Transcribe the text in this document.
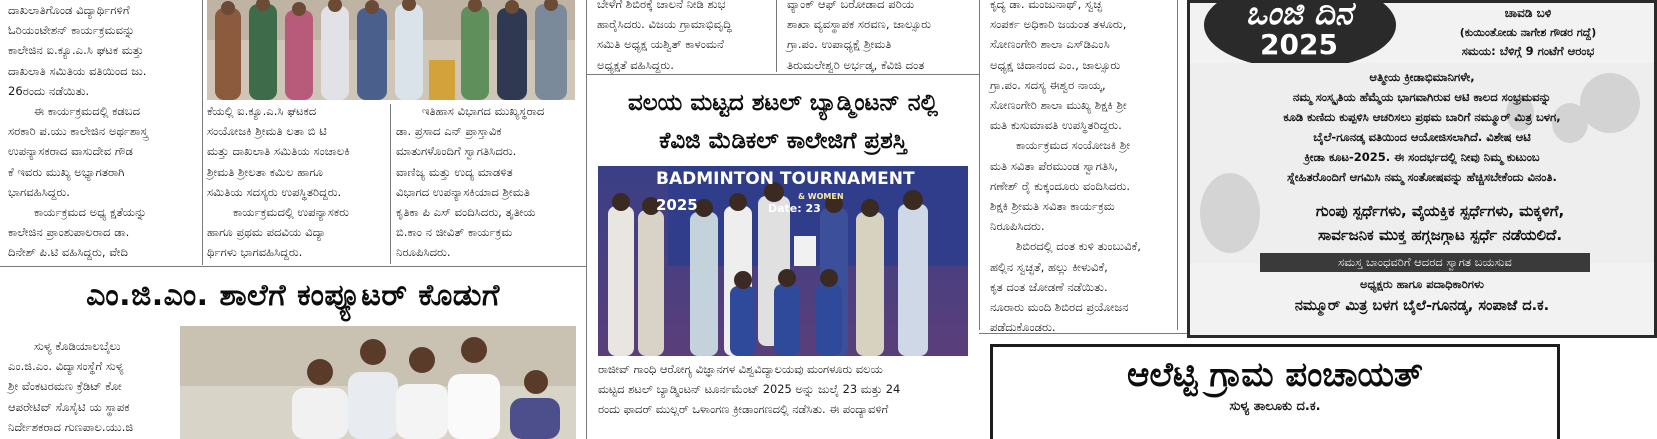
ದಾಖಲಾತಿಗೊಂಡ ವಿದ್ಯಾರ್ಥಿಗಳಿಗೆ

ಓರಿಯಂಟೇಶನ್ ಕಾರ್ಯಕ್ರಮವನ್ನು

ಕಾಲೇಜಿನ ಐ.ಕ್ಯೂ.ಎ.ಸಿ ಘಟಕ ಮತ್ತು

ದಾಖಲಾತಿ ಸಮಿತಿಯ ವತಿಯಿಂದ ಜು.

26ರಂದು ನಡೆಯಿತು.

ಈ ಕಾರ್ಯಕ್ರಮದಲ್ಲಿ ಕಡಬದ

ಸರಕಾರಿ ಪ.ಯು ಕಾಲೇಜಿನ ಅರ್ಥಶಾಸ್ತ್ರ

ಉಪನ್ಯಾಸಕರಾದ ವಾಸುದೇವ ಗೌಡ

ಕೆ ಇವರು ಮುಖ್ಯ ಅಭ್ಯಾಗತರಾಗಿ

ಭಾಗವಹಿಸಿದ್ದರು.

ಕಾರ್ಯಕ್ರಮದ ಅಧ್ಯ ಕ್ಷತೆಯನ್ನು

ಕಾಲೇಜಿನ ಪ್ರಾಂಶುಪಾಲರಾದ ಡಾ.

ದಿನೇಶ್ ಪಿ.ಟಿ ವಹಿಸಿದ್ದರು, ವೇದಿ

ಕೆಯಲ್ಲಿ ಐ.ಕ್ಯೂ.ಎ.ಸಿ ಘಟಕದ

ಸಂಯೋಜಕಿ ಶ್ರೀಮತಿ ಲತಾ ಬಿ ಟಿ

ಮತ್ತು ದಾಖಲಾತಿ ಸಮಿತಿಯ ಸಂಚಾಲಕಿ

ಶ್ರೀಮತಿ ಶ್ರೀಲತಾ ಕಮಿಲ ಹಾಗೂ

ಸಮಿತಿಯ ಸದಸ್ಯರು ಉಪಸ್ಥಿತರಿದ್ದರು.

ಕಾರ್ಯಕ್ರಮದಲ್ಲಿ ಉಪನ್ಯಾಸಕರು

ಹಾಗೂ ಪ್ರಥಮ ಪದವಿಯ ವಿದ್ಯಾ

ರ್ಥಿಗಳು ಭಾಗವಹಿಸಿದ್ದರು.

ಇತಿಹಾಸ ವಿಭಾಗದ ಮುಖ್ಯಸ್ಥರಾದ

ಡಾ. ಪ್ರಸಾದ ಎನ್ ಪ್ರಾಸ್ತಾವಿಕ

ಮಾತುಗಳೊಂದಿಗೆ ಸ್ವಾಗತಿಸಿದರು.

ವಾಣಿಜ್ಯ ಮತ್ತು ಉದ್ಯ ಮಾಡಳಿತ

ವಿಭಾಗದ ಉಪನ್ಯಾಸಕಿಯಾದ ಶ್ರೀಮತಿ

ಕೃತಿಕಾ ಪಿ ಎಸ್ ವಂದಿಸಿದರು, ತೃತೀಯ

ಬಿ.ಕಾಂ ನ ಜೀವಿತ್ ಕಾರ್ಯಕ್ರಮ

ನಿರೂಪಿಸಿದರು.

ಎಂ.ಜಿ.ಎಂ. ಶಾಲೆಗೆ ಕಂಪ್ಯೂಟರ್ ಕೊಡುಗೆ

ಸುಳ್ಯ ಕೊಡಿಯಾಲಬೈಲು

ಎಂ.ಜಿ.ಎಂ. ವಿದ್ಯಾಸಂಸ್ಥೆಗೆ ಸುಳ್ಯ

ಶ್ರೀ ವೆಂಕಟರಮಣ ಕ್ರೆಡಿಟ್ ಕೋ

ಆಪರೇಟಿವ್ ಸೊಸೈಟಿ ಯ ಸ್ಥಾಪಕ

ನಿರ್ದೇಶಕರಾದ ಗುಣಪಾಲ.ಯು.ಜಿ

ಬೇಳೆಗೆ ಶಿಬಿರಕ್ಕೆ ಚಾಲನೆ ನೀಡಿ ಶುಭ

ಹಾರೈಸಿದರು. ವಿಜಯ ಗ್ರಾಮಾಭಿವೃದ್ಧಿ

ಸಮಿತಿ ಅಧ್ಯಕ್ಷ ಯಶ್ವಿತ್ ಕಾಳಂಮನೆ

ಅಧ್ಯಕ್ಷತೆ ವಹಿಸಿದ್ದರು.

ವ್ಯಾಂಕ್ ಆಫ್ ಬರೋಡಾದ ಪರಿಯ

ಶಾಖಾ ವ್ಯವಸ್ಥಾಪಕ ಸರವಣ, ಜಾಲ್ಸೂರು

ಗ್ರಾ.ಪಂ. ಉಪಾಧ್ಯಕ್ಷೆ ಶ್ರೀಮತಿ

ತಿರುಮಲೇಶ್ವರಿ ಅರ್ಭಡ್ಕ, ಕೆವಿಜಿ ದಂತ

ವಲಯ ಮಟ್ಟದ ಶಟಲ್ ಬ್ಯಾಡ್ಮಿಂಟನ್ ನಲ್ಲಿ
ಕೆವಿಜಿ ಮೆಡಿಕಲ್ ಕಾಲೇಜಿಗೆ ಪ್ರಶಸ್ತಿ
BADMINTON TOURNAMENT 2025	& WOMEN
Date: 23

ರಾಜೀವ್ ಗಾಂಧಿ ಆರೋಗ್ಯ ವಿಜ್ಞಾನಗಳ ವಿಶ್ವವಿದ್ಯಾಲಯವು ಮಂಗಳೂರು ವಲಯ

ಮಟ್ಟದ ಶಟಲ್ ಬ್ಯಾಡ್ಮಿಂಟನ್ ಟೂರ್ನಮೆಂಟ್ 2025 ಅನ್ನು ಜುಲೈ 23 ಮತ್ತು 24

ರಂದು ಫಾದರ್ ಮುಲ್ಲರ್ ಒಳಾಂಗಣ ಕ್ರೀಡಾಂಗಣದಲ್ಲಿ ನಡೆಸಿತು. ಈ ಪಂದ್ಯಾವಳಿಗೆ

ಕೃದ್ಯ ಡಾ. ಮಂಜುನಾಥ್, ಸ್ವಚ್ಛ

ಸಂಪರ್ಕ ಅಧಿಕಾರಿ ಜಯಂತ ತಳೂರು,

ಸೋಣಂಗೇರಿ ಶಾಲಾ ಎಸ್‌ಡಿಎಂಸಿ

ಅಧ್ಯಕ್ಷ ಚಿದಾನಂದ ಎಂ., ಜಾಲ್ಸೂರು

ಗ್ರಾ.ಪಂ. ಸದಸ್ಯ ಈಶ್ವರ ನಾಯ್ಕ,

ಸೋಣಂಗೇರಿ ಶಾಲಾ ಮುಖ್ಯ ಶಿಕ್ಷಕಿ ಶ್ರೀ

ಮತಿ ಕುಸುಮಾವತಿ ಉಪಸ್ಥಿತರಿದ್ದರು.

ಕಾರ್ಯಕ್ರಮದ ಸಂಯೋಜಕಿ ಶ್ರೀ

ಮತಿ ಸವಿತಾ ಪೆರಮುಂಡ ಸ್ವಾಗತಿಸಿ,

ಗಣೇಶ್ ರೈ ಕುಕ್ಕಂದೂರು ವಂದಿಸಿದರು.

ಶಿಕ್ಷಕಿ ಶ್ರೀಮತಿ ಸವಿತಾ ಕಾರ್ಯಕ್ರಮ

ನಿರೂಪಿಸಿದರು.

ಶಿಬಿರದಲ್ಲಿ ದಂತ ಕುಳಿ ತುಂಬುವಿಕೆ,

ಹಲ್ಲಿನ ಸ್ವಚ್ಛತೆ, ಹಲ್ಲು ಕೀಳುವಿಕೆ,

ಕೃತ ದಂತ ಜೋಡಣೆ ನಡೆಯಿತು.

ನೂರಾರು ಮಂದಿ ಶಿಬಿರದ ಪ್ರಯೋಜನ

ಪಡೆದುಕೊಂಡರು.

ಒಂಜಿ ದಿನ
2025
ಚಾವಡಿ ಬಳಿ
(ಕುಯಿಂತೋಡು ನಾಗೇಶ ಗೌಡರ ಗದ್ದೆ)
ಸಮಯ: ಬೆಳಿಗ್ಗೆ 9 ಗಂಟೆಗೆ ಆರಂಭ
ಆತ್ಮೀಯ ಕ್ರೀಡಾಭಿಮಾನಿಗಳೇ,
ನಮ್ಮ ಸಂಸ್ಕೃತಿಯ ಹೆಮ್ಮೆಯ ಭಾಗವಾಗಿರುವ ಆಟಿ ಕಾಲದ ಸಂಭ್ರಮವನ್ನು
ಕೂಡಿ ಕುಣಿದು ಕುಪ್ಪಳಿಸಿ ಆಚರಿಸಲು ಪ್ರಥಮ ಬಾರಿಗೆ ನಮ್ಮೂರ್ ಮಿತ್ರ ಬಳಗ,
ಬೈಲೆ-ಗೂನಡ್ಕ ವತಿಯಿಂದ ಆಯೋಜಿಸಲಾಗಿದೆ. ವಿಶೇಷ ಆಟಿ
ಕ್ರೀಡಾ ಕೂಟ-2025. ಈ ಸಂದರ್ಭದಲ್ಲಿ ನೀವು ನಿಮ್ಮ ಕುಟುಂಬ
ಸ್ನೇಹಿತರೊಂದಿಗೆ ಆಗಮಿಸಿ ನಮ್ಮ ಸಂತೋಷವನ್ನು ಹೆಚ್ಚಿಸಬೇಕೆಂದು ವಿನಂತಿ.
ಗುಂಪು ಸ್ಪರ್ಧೆಗಳು, ವೈಯಕ್ತಿಕ ಸ್ಪರ್ಧೆಗಳು, ಮಕ್ಕಳಿಗೆ,
ಸಾರ್ವಜನಿಕ ಮುಕ್ತ ಹಗ್ಗಜಗ್ಗಾಟ ಸ್ಪರ್ಧೆ ನಡೆಯಲಿದೆ.
ಸಮಸ್ತ ಬಾಂಧವರಿಗೆ ಆದರದ ಸ್ವಾಗತ ಬಯಸುವ
ಅಧ್ಯಕ್ಷರು ಹಾಗೂ ಪದಾಧಿಕಾರಿಗಳು
ನಮ್ಮೂರ್ ಮಿತ್ರ ಬಳಗ ಬೈಲೆ-ಗೂನಡ್ಕ, ಸಂಪಾಜೆ ದ.ಕ.
ಆಲೆಟ್ಟಿ ಗ್ರಾಮ ಪಂಚಾಯತ್
ಸುಳ್ಯ ತಾಲೂಕು ದ.ಕ.
